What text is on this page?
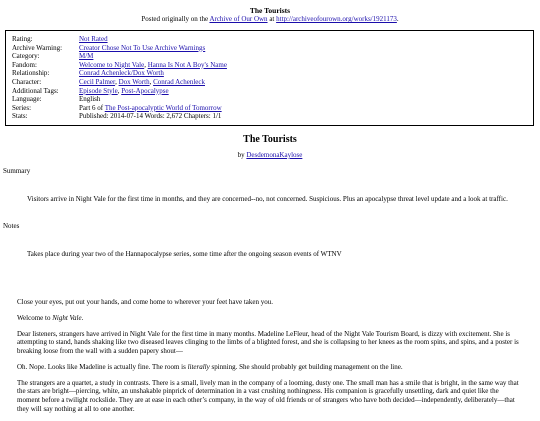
The Tourists
Posted originally on the Archive of Our Own at http://archiveofourown.org/works/1921173.
Rating:	Not Rated
Archive Warning:	Creator Chose Not To Use Archive Warnings
Category:	M/M
Fandom:	Welcome to Night Vale, Hanna Is Not A Boy's Name
Relationship:	Conrad Achenleck/Dox Worth
Character:	Cecil Palmer, Dox Worth, Conrad Achenleck
Additional Tags:	Episode Style, Post-Apocalypse
Language:	English
Series:	Part 6 of The Post-apocalyptic World of Tomorrow
Stats:	Published: 2014-07-14 Words: 2,672 Chapters: 1/1
The Tourists
by DesdemonaKaylose
Summary
Visitors arrive in Night Vale for the first time in months, and they are concerned--no, not concerned. Suspicious. Plus an apocalypse threat level update and a look at traffic.
Notes
Takes place during year two of the Hannapocalypse series, some time after the ongoing season events of WTNV

Close your eyes, put out your hands, and come home to wherever your feet have taken you.

Welcome to Night Vale.

Dear listeners, strangers have arrived in Night Vale for the first time in many months. Madeline LeFleur, head of the Night Vale Tourism Board, is dizzy with excitement. She is attempting to stand, hands shaking like two diseased leaves clinging to the limbs of a blighted forest, and she is collapsing to her knees as the room spins, and spins, and a poster is breaking loose from the wall with a sudden papery shout—

Oh. Nope. Looks like Madeline is actually fine. The room is literally spinning. She should probably get building management on the line.

The strangers are a quartet, a study in contrasts. There is a small, lively man in the company of a looming, dusty one. The small man has a smile that is bright, in the same way that the stars are bright—piercing, white, an unshakable pinprick of determination in a vast crushing nothingness. His companion is gracefully unsettling, dark and quiet like the moment before a twilight rockslide. They are at ease in each other’s company, in the way of old friends or of strangers who have both decided—independently, deliberately—that they will say nothing at all to one another.
